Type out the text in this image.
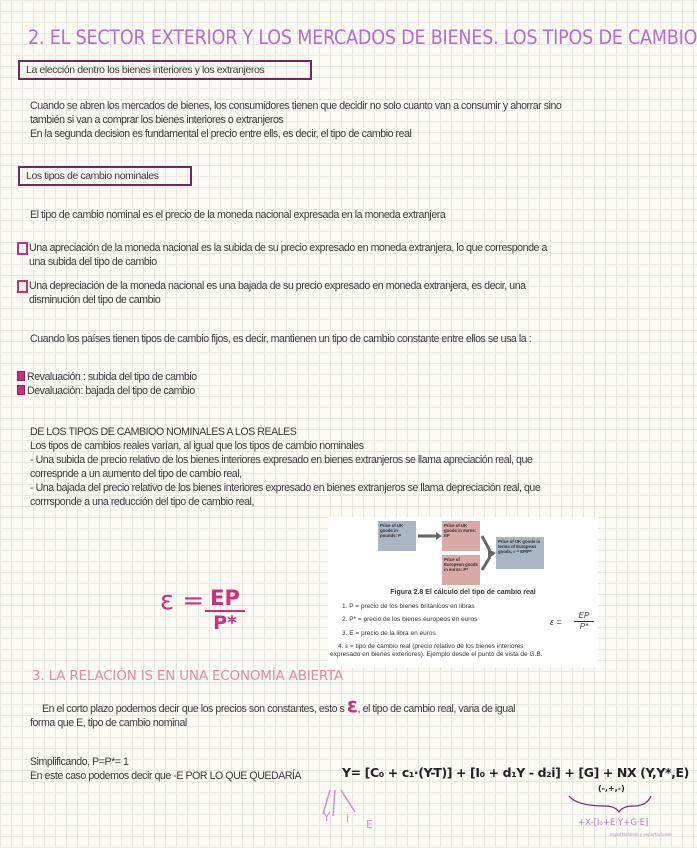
2. EL SECTOR EXTERIOR Y LOS MERCADOS DE BIENES. LOS TIPOS DE CAMBIO
La elección dentro los bienes interiores y los extranjeros
Cuando se abren los mercados de bienes, los consumidores tienen que decidir no solo cuanto van a consumir y ahorrar sino
también si van a comprar los bienes interiores o extranjeros
En la segunda decision es fundamental el precio entre ells, es decir, el tipo de cambio real
Los tipos de cambio nominales
El tipo de cambio nominal es el precio de la moneda nacional expresada en la moneda extranjera
Una apreciación de la moneda nacional es la subida de su precio expresado en moneda extranjera, lo que corresponde a
una subida del tipo de cambio
Una depreciación de la moneda nacional es una bajada de su precio expresado en moneda extranjera, es decir, una
disminución del tipo de cambio
Cuando los países tienen tipos de cambio fijos, es decir, mantienen un tipo de cambio constante entre ellos se usa la :
Revaluación : subida del tipo de cambio
Devaluación: bajada del tipo de cambio
DE LOS TIPOS DE CAMBIOO NOMINALES A LOS REALES
Los tipos de cambios reales varían, al igual que los tipos de cambio nominales
- Una subida de precio relativo de los bienes interiores expresado en bienes extranjeros se llama apreciación real, que
correspnde a un aumento del tipo de cambio real,
- Una bajada del precio relativo de los bienes interiores expresado en bienes extranjeros se llama depreciación real, que
corrrsponde a una reducción del tipo de cambio real,
$\varepsilon = \frac{EP}{P*}$
Price of UK goods in pounds: P
Price of UK goods in euros: EP
Price of European goods in euros: P*
Price of UK goods in terms of European goods, ε = EP/P*
Figura 2.8 El cálculo del tipo de cambio real
1. P = precio de los bienes británicos en libras
2. P* = precio de los bienes europeos en euros
3. E = precio de la libra en euros
4. ε = tipo de cambio real (precio relativo de los bienes interiores
expresado en bienes exteriores). Ejemplo desde el punto de vista de G.B.
$\varepsilon = \frac{EP}{P*}$
3. LA RELACIÓN IS EN UNA ECONOMÍA ABIERTA
En el corto plazo podemos decir que los precios son constantes, esto s ε, el tipo de cambio real, varia de igual
forma que E, tipo de cambio nominal
Simplificando, P=P*= 1
En este caso podemos decir que -E POR LO QUE QUEDARÍA	Y= [C₀ + c₁·(Y-T)] + [I₀ + d₁Y - d₂i] + [G] + NX (Y,Y*,E)
(-,+,-)
Y i E	+X-[I₀+E·Y+G·E]
importaciones y exportaciones
